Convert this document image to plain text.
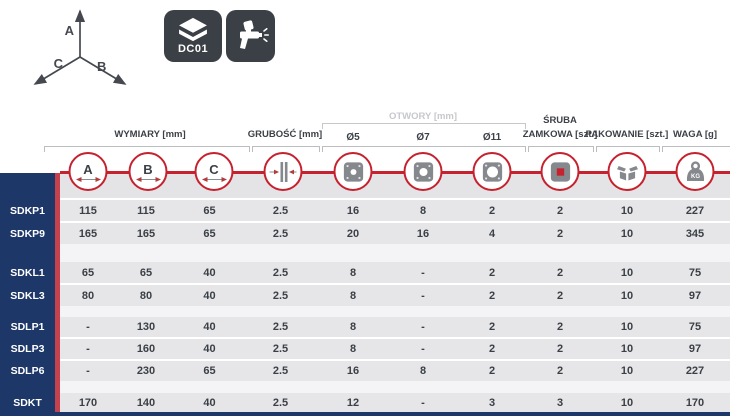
A
C	B
DC01
WYMIARY [mm]	GRUBOŚĆ [mm]
OTWORY [mm]
Ø5	Ø7	Ø11
ŚRUBA
ZAMKOWA [szt.]
PAKOWANIE [szt.] WAGA [g]
A	B	C	KG
SDKP1	115	115	65	2.5	16	8	2	2	10	227
SDKP9	165	165	65	2.5	20	16	4	2	10	345
SDKL1	65	65	40	2.5	8	-	2	2	10	75
SDKL3	80	80	40	2.5	8	-	2	2	10	97
SDLP1	-	130	40	2.5	8	-	2	2	10	75
SDLP3	-	160	40	2.5	8	-	2	2	10	97
SDLP6	-	230	65	2.5	16	8	2	2	10	227
SDKT	170	140	40	2.5	12	-	3	3	10	170
